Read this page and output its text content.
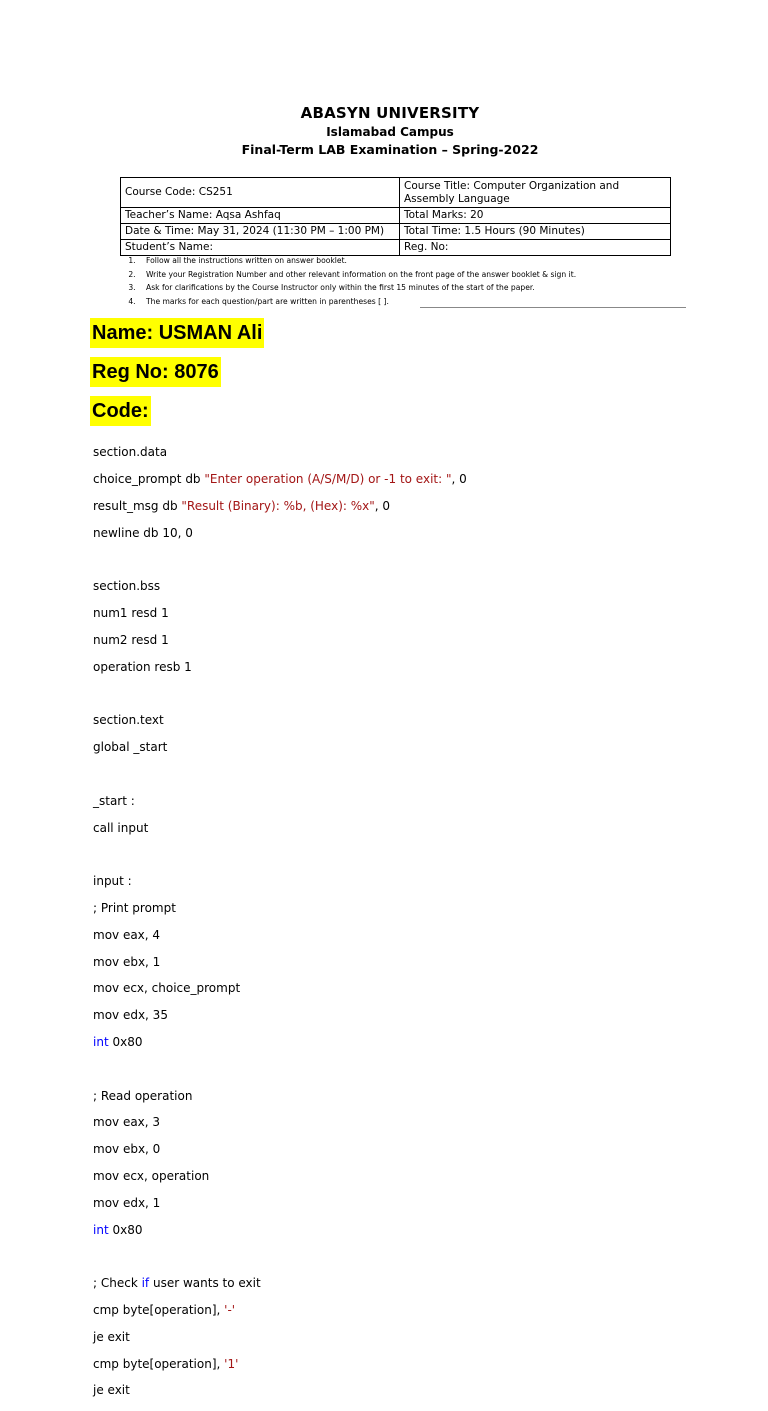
ABASYN UNIVERSITY
Islamabad Campus
Final-Term LAB Examination – Spring-2022
Course Code: CS251	Course Title: Computer Organization and Assembly Language
Teacher’s Name: Aqsa Ashfaq	Total Marks: 20
Date & Time: May 31, 2024 (11:30 PM – 1:00 PM)	Total Time: 1.5 Hours (90 Minutes)
Student’s Name:	Reg. No:
1. Follow all the instructions written on answer booklet.
2. Write your Registration Number and other relevant information on the front page of the answer booklet & sign it.
3. Ask for clarifications by the Course Instructor only within the first 15 minutes of the start of the paper.
4. The marks for each question/part are written in parentheses [ ].
Name: USMAN Ali
Reg No: 8076
Code:

section.data

choice_prompt db "Enter operation (A/S/M/D) or -1 to exit: ", 0

result_msg db "Result (Binary): %b, (Hex): %x", 0

newline db 10, 0

section.bss

num1 resd 1

num2 resd 1

operation resb 1

section.text

global _start

_start :

call input

input :

; Print prompt

mov eax, 4

mov ebx, 1

mov ecx, choice_prompt

mov edx, 35

int 0x80

; Read operation

mov eax, 3

mov ebx, 0

mov ecx, operation

mov edx, 1

int 0x80

; Check if user wants to exit

cmp byte[operation], '-'

je exit

cmp byte[operation], '1'

je exit
